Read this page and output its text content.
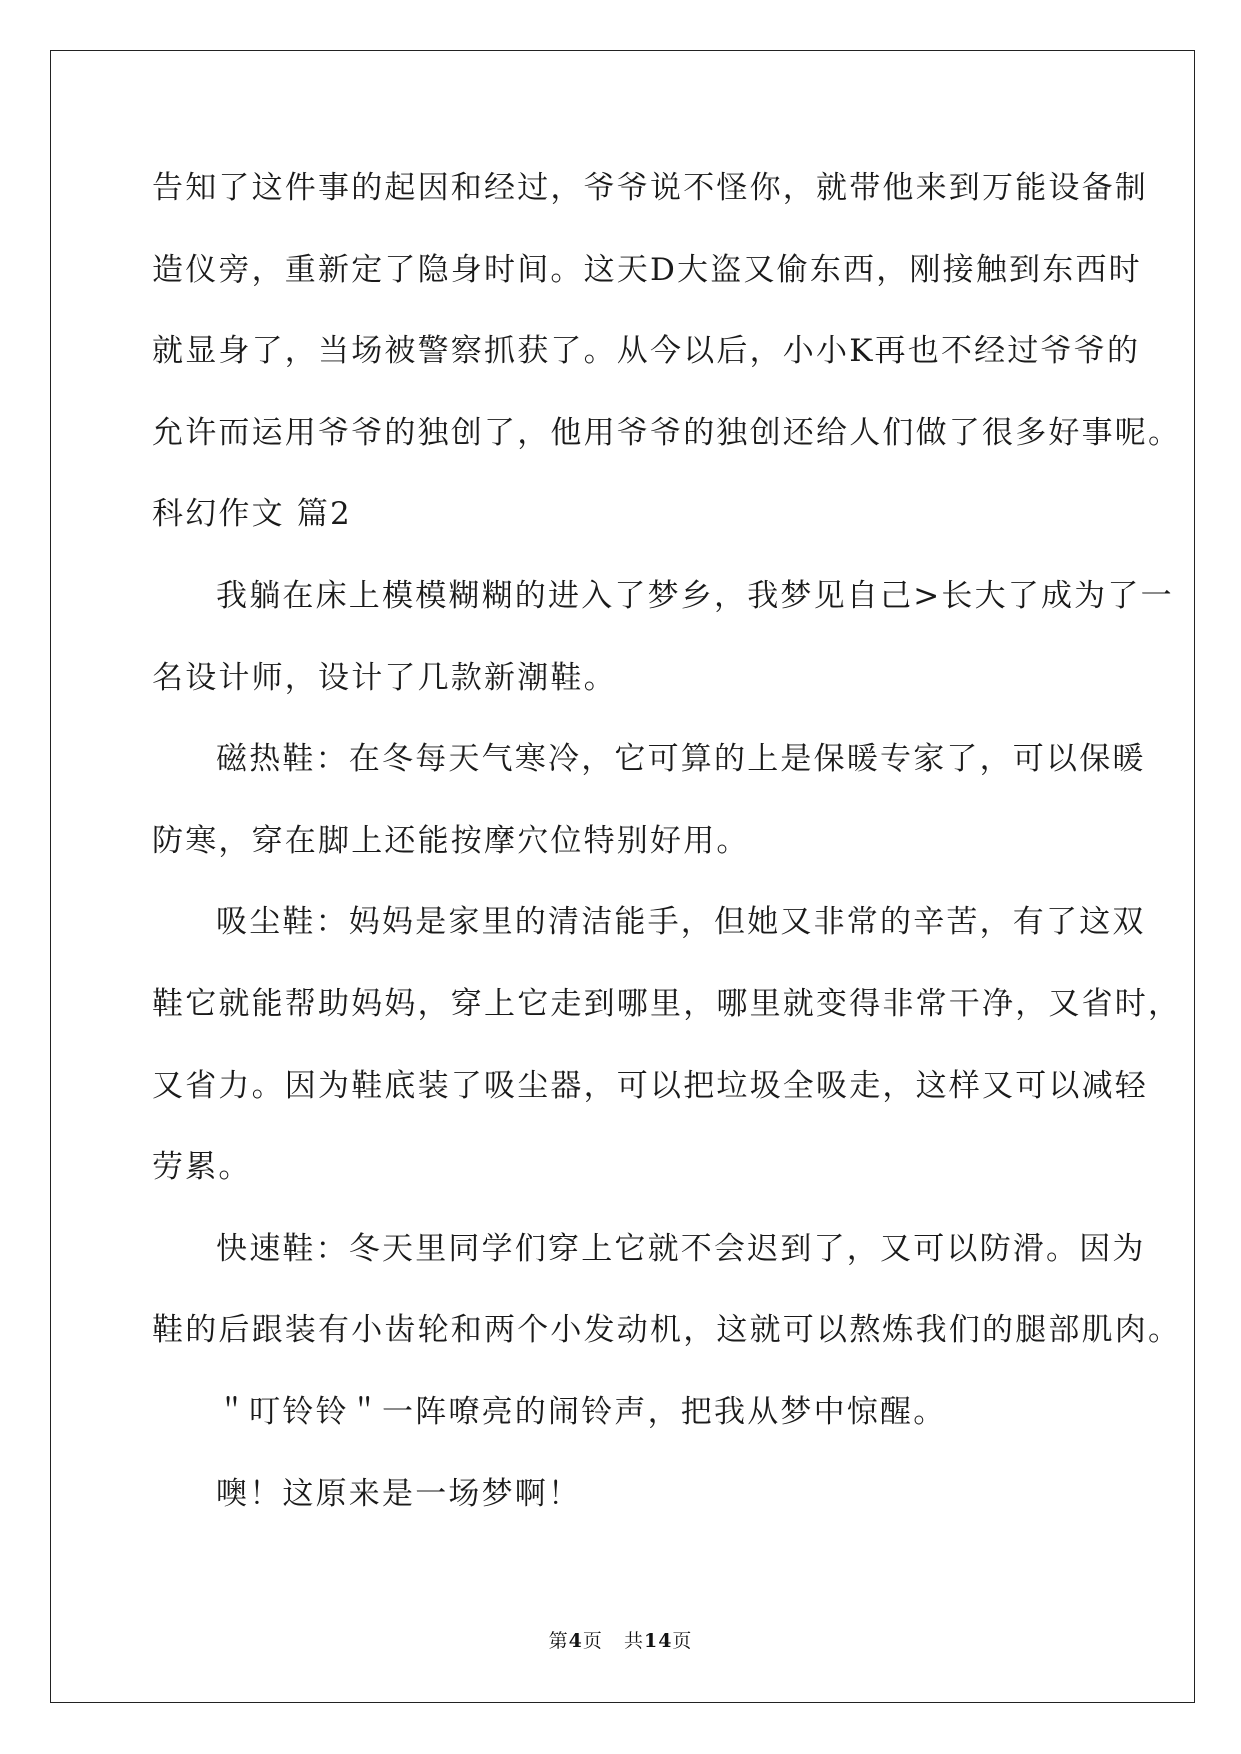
告知了这件事的起因和经过，爷爷说不怪你，就带他来到万能设备制
造仪旁，重新定了隐身时间。这天D大盗又偷东西，刚接触到东西时
就显身了，当场被警察抓获了。从今以后，小小K再也不经过爷爷的
允许而运用爷爷的独创了，他用爷爷的独创还给人们做了很多好事呢。
科幻作文 篇2
我躺在床上模模糊糊的进入了梦乡，我梦见自己>长大了成为了一
名设计师，设计了几款新潮鞋。
磁热鞋：在冬每天气寒冷，它可算的上是保暖专家了，可以保暖
防寒，穿在脚上还能按摩穴位特别好用。
吸尘鞋：妈妈是家里的清洁能手，但她又非常的辛苦，有了这双
鞋它就能帮助妈妈，穿上它走到哪里，哪里就变得非常干净，又省时，
又省力。因为鞋底装了吸尘器，可以把垃圾全吸走，这样又可以减轻
劳累。
快速鞋：冬天里同学们穿上它就不会迟到了，又可以防滑。因为
鞋的后跟装有小齿轮和两个小发动机，这就可以熬炼我们的腿部肌肉。
＂叮铃铃＂一阵嘹亮的闹铃声，把我从梦中惊醒。
噢！这原来是一场梦啊！
第4页 共14页
